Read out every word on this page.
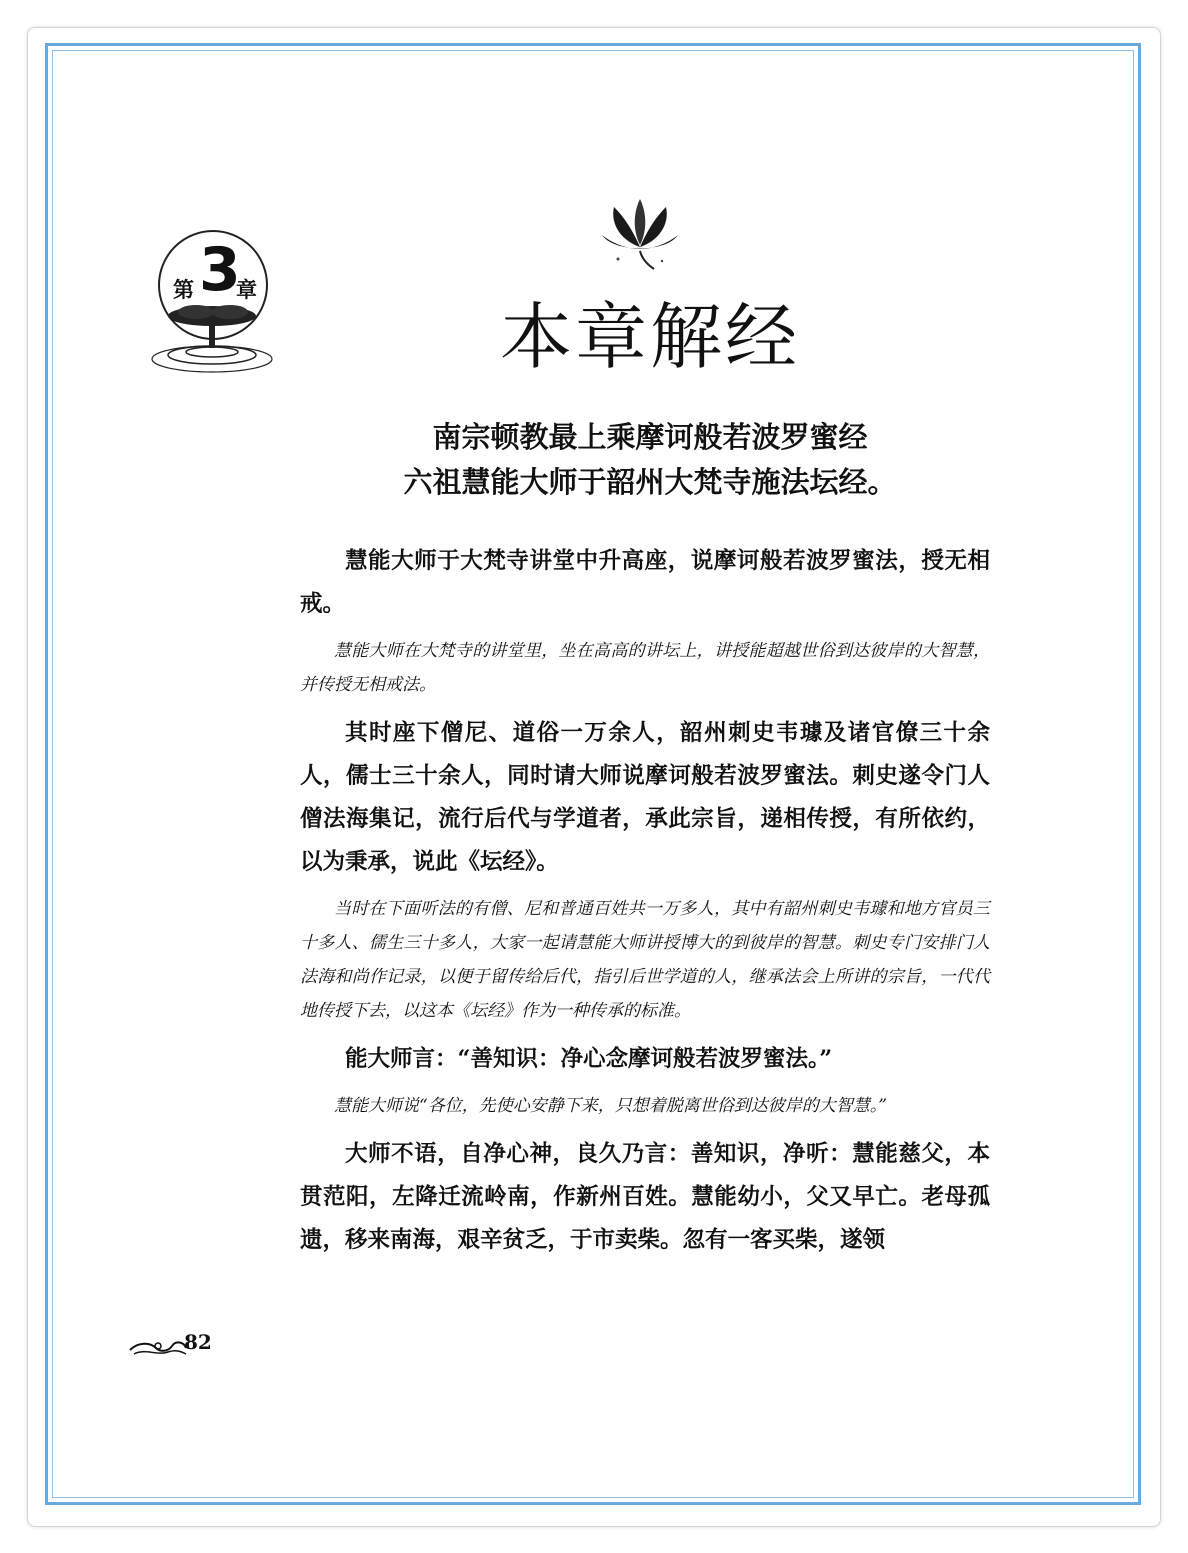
第 3
章
本章解经
南宗顿教最上乘摩诃般若波罗蜜经
六祖慧能大师于韶州大梵寺施法坛经。

慧能大师于大梵寺讲堂中升高座，说摩诃般若波罗蜜法，授无相戒。

慧能大师在大梵寺的讲堂里，坐在高高的讲坛上，讲授能超越世俗到达彼岸的大智慧，并传授无相戒法。

其时座下僧尼、道俗一万余人，韶州刺史韦璩及诸官僚三十余人，儒士三十余人，同时请大师说摩诃般若波罗蜜法。刺史遂令门人僧法海集记，流行后代与学道者，承此宗旨，递相传授，有所依约，以为秉承，说此《坛经》。

当时在下面听法的有僧、尼和普通百姓共一万多人，其中有韶州刺史韦璩和地方官员三十多人、儒生三十多人，大家一起请慧能大师讲授博大的到彼岸的智慧。刺史专门安排门人法海和尚作记录，以便于留传给后代，指引后世学道的人，继承法会上所讲的宗旨，一代代地传授下去，以这本《坛经》作为一种传承的标准。

能大师言：“善知识：净心念摩诃般若波罗蜜法。”

慧能大师说“各位，先使心安静下来，只想着脱离世俗到达彼岸的大智慧。”

大师不语，自净心神，良久乃言：善知识，净听：慧能慈父，本贯范阳，左降迁流岭南，作新州百姓。慧能幼小，父又早亡。老母孤遗，移来南海，艰辛贫乏，于市卖柴。忽有一客买柴，遂领

82
